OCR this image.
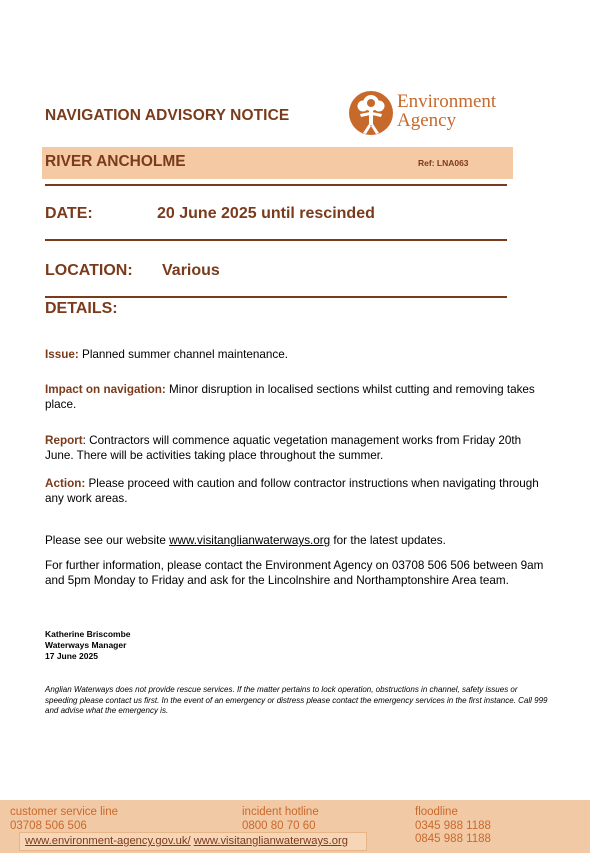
NAVIGATION ADVISORY NOTICE
Environment
Agency
RIVER ANCHOLME	Ref: LNA063
DATE:	20 June 2025 until rescinded
LOCATION: Various
DETAILS:
Issue: Planned summer channel maintenance.
Impact on navigation: Minor disruption in localised sections whilst cutting and removing takes place.
Report: Contractors will commence aquatic vegetation management works from Friday 20th June. There will be activities taking place throughout the summer.
Action: Please proceed with caution and follow contractor instructions when navigating through any work areas.
Please see our website www.visitanglianwaterways.org for the latest updates.
For further information, please contact the Environment Agency on 03708 506 506 between 9am and 5pm Monday to Friday and ask for the Lincolnshire and Northamptonshire Area team.
Katherine Briscombe
Waterways Manager
17 June 2025
Anglian Waterways does not provide rescue services. If the matter pertains to lock operation, obstructions in channel, safety issues or speeding please contact us first. In the event of an emergency or distress please contact the emergency services in the first instance. Call 999 and advise what the emergency is.
customer service line
03708 506 506
incident hotline
0800 80 70 60
floodline
0345 988 1188
0845 988 1188
www.environment-agency.gov.uk/ www.visitanglianwaterways.org
